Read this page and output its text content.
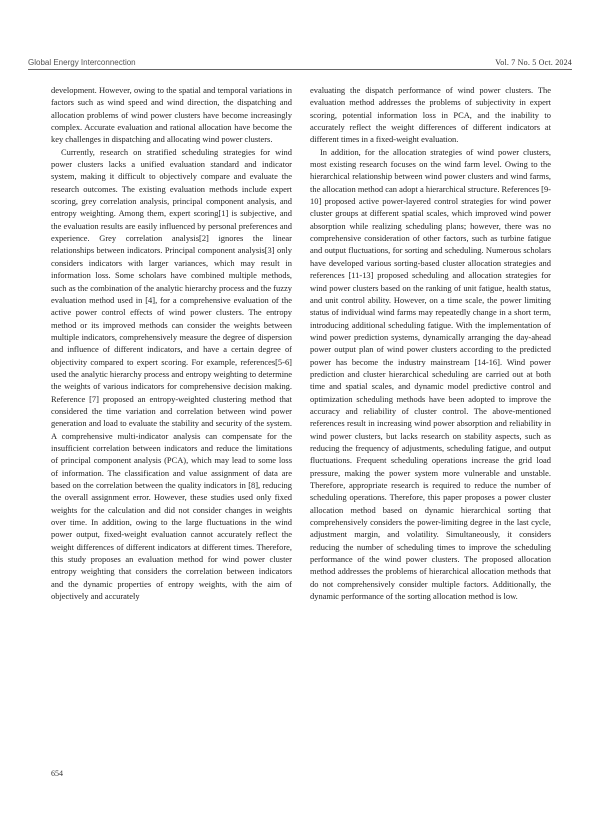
Global Energy Interconnection	Vol. 7 No. 5 Oct. 2024

development. However, owing to the spatial and temporal variations in factors such as wind speed and wind direction, the dispatching and allocation problems of wind power clusters have become increasingly complex. Accurate evaluation and rational allocation have become the key challenges in dispatching and allocating wind power clusters.

Currently, research on stratified scheduling strategies for wind power clusters lacks a unified evaluation standard and indicator system, making it difficult to objectively compare and evaluate the research outcomes. The existing evaluation methods include expert scoring, grey correlation analysis, principal component analysis, and entropy weighting. Among them, expert scoring[1] is subjective, and the evaluation results are easily influenced by personal preferences and experience. Grey correlation analysis[2] ignores the linear relationships between indicators. Principal component analysis[3] only considers indicators with larger variances, which may result in information loss. Some scholars have combined multiple methods, such as the combination of the analytic hierarchy process and the fuzzy evaluation method used in [4], for a comprehensive evaluation of the active power control effects of wind power clusters. The entropy method or its improved methods can consider the weights between multiple indicators, comprehensively measure the degree of dispersion and influence of different indicators, and have a certain degree of objectivity compared to expert scoring. For example, references[5-6] used the analytic hierarchy process and entropy weighting to determine the weights of various indicators for comprehensive decision making. Reference [7] proposed an entropy-weighted clustering method that considered the time variation and correlation between wind power generation and load to evaluate the stability and security of the system. A comprehensive multi-indicator analysis can compensate for the insufficient correlation between indicators and reduce the limitations of principal component analysis (PCA), which may lead to some loss of information. The classification and value assignment of data are based on the correlation between the quality indicators in [8], reducing the overall assignment error. However, these studies used only fixed weights for the calculation and did not consider changes in weights over time. In addition, owing to the large fluctuations in the wind power output, fixed-weight evaluation cannot accurately reflect the weight differences of different indicators at different times. Therefore, this study proposes an evaluation method for wind power cluster entropy weighting that considers the correlation between indicators and the dynamic properties of entropy weights, with the aim of objectively and accurately

evaluating the dispatch performance of wind power clusters. The evaluation method addresses the problems of subjectivity in expert scoring, potential information loss in PCA, and the inability to accurately reflect the weight differences of different indicators at different times in a fixed-weight evaluation.

In addition, for the allocation strategies of wind power clusters, most existing research focuses on the wind farm level. Owing to the hierarchical relationship between wind power clusters and wind farms, the allocation method can adopt a hierarchical structure. References [9-10] proposed active power-layered control strategies for wind power cluster groups at different spatial scales, which improved wind power absorption while realizing scheduling plans; however, there was no comprehensive consideration of other factors, such as turbine fatigue and output fluctuations, for sorting and scheduling. Numerous scholars have developed various sorting-based cluster allocation strategies and references [11-13] proposed scheduling and allocation strategies for wind power clusters based on the ranking of unit fatigue, health status, and unit control ability. However, on a time scale, the power limiting status of individual wind farms may repeatedly change in a short term, introducing additional scheduling fatigue. With the implementation of wind power prediction systems, dynamically arranging the day-ahead power output plan of wind power clusters according to the predicted power has become the industry mainstream [14-16]. Wind power prediction and cluster hierarchical scheduling are carried out at both time and spatial scales, and dynamic model predictive control and optimization scheduling methods have been adopted to improve the accuracy and reliability of cluster control. The above-mentioned references result in increasing wind power absorption and reliability in wind power clusters, but lacks research on stability aspects, such as reducing the frequency of adjustments, scheduling fatigue, and output fluctuations. Frequent scheduling operations increase the grid load pressure, making the power system more vulnerable and unstable. Therefore, appropriate research is required to reduce the number of scheduling operations. Therefore, this paper proposes a power cluster allocation method based on dynamic hierarchical sorting that comprehensively considers the power-limiting degree in the last cycle, adjustment margin, and volatility. Simultaneously, it considers reducing the number of scheduling times to improve the scheduling performance of the wind power clusters. The proposed allocation method addresses the problems of hierarchical allocation methods that do not comprehensively consider multiple factors. Additionally, the dynamic performance of the sorting allocation method is low.

654
